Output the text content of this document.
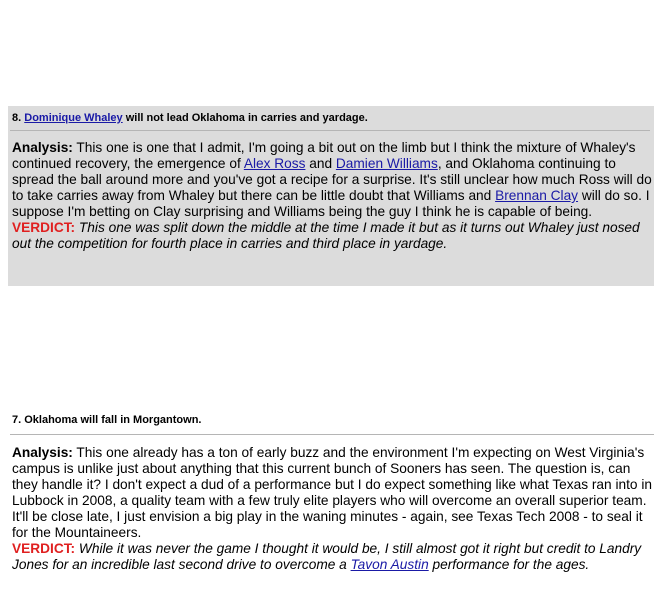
8. Dominique Whaley will not lead Oklahoma in carries and yardage.
Analysis: This one is one that I admit, I'm going a bit out on the limb but I think the mixture of Whaley's continued recovery, the emergence of Alex Ross and Damien Williams, and Oklahoma continuing to spread the ball around more and you've got a recipe for a surprise. It's still unclear how much Ross will do to take carries away from Whaley but there can be little doubt that Williams and Brennan Clay will do so. I suppose I'm betting on Clay surprising and Williams being the guy I think he is capable of being.
VERDICT: This one was split down the middle at the time I made it but as it turns out Whaley just nosed out the competition for fourth place in carries and third place in yardage.
7. Oklahoma will fall in Morgantown.
Analysis: This one already has a ton of early buzz and the environment I'm expecting on West Virginia's campus is unlike just about anything that this current bunch of Sooners has seen. The question is, can they handle it? I don't expect a dud of a performance but I do expect something like what Texas ran into in Lubbock in 2008, a quality team with a few truly elite players who will overcome an overall superior team. It'll be close late, I just envision a big play in the waning minutes - again, see Texas Tech 2008 - to seal it for the Mountaineers.
VERDICT: While it was never the game I thought it would be, I still almost got it right but credit to Landry Jones for an incredible last second drive to overcome a Tavon Austin performance for the ages.
